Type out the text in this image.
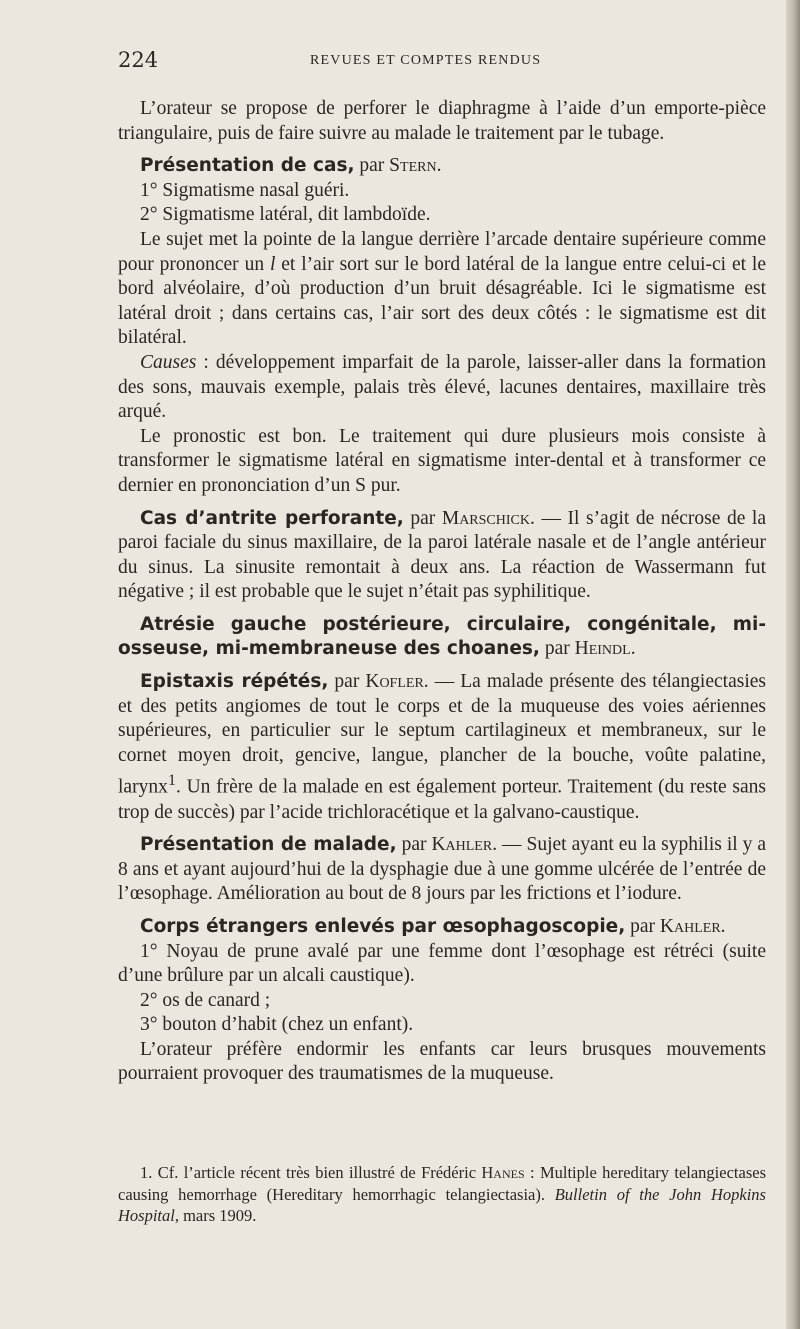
224	REVUES ET COMPTES RENDUS

L’orateur se propose de perforer le diaphragme à l’aide d’un emporte-pièce triangulaire, puis de faire suivre au malade le traitement par le tubage.

Présentation de cas, par Stern.

1° Sigmatisme nasal guéri.

2° Sigmatisme latéral, dit lambdoïde.

Le sujet met la pointe de la langue derrière l’arcade dentaire supérieure comme pour prononcer un l et l’air sort sur le bord latéral de la langue entre celui-ci et le bord alvéolaire, d’où production d’un bruit désagréable. Ici le sigmatisme est latéral droit ; dans certains cas, l’air sort des deux côtés : le sigmatisme est dit bilatéral.

Causes : développement imparfait de la parole, laisser-aller dans la formation des sons, mauvais exemple, palais très élevé, lacunes dentaires, maxillaire très arqué.

Le pronostic est bon. Le traitement qui dure plusieurs mois consiste à transformer le sigmatisme latéral en sigmatisme inter-dental et à transformer ce dernier en prononciation d’un S pur.

Cas d’antrite perforante, par Marschick. — Il s’agit de nécrose de la paroi faciale du sinus maxillaire, de la paroi latérale nasale et de l’angle antérieur du sinus. La sinusite remontait à deux ans. La réaction de Wassermann fut négative ; il est probable que le sujet n’était pas syphilitique.

Atrésie gauche postérieure, circulaire, congénitale, mi-osseuse, mi-membraneuse des choanes, par Heindl.

Epistaxis répétés, par Kofler. — La malade présente des télangiectasies et des petits angiomes de tout le corps et de la muqueuse des voies aériennes supérieures, en particulier sur le septum cartilagineux et membraneux, sur le cornet moyen droit, gencive, langue, plancher de la bouche, voûte palatine, larynx$^1$. Un frère de la malade en est également porteur. Traitement (du reste sans trop de succès) par l’acide trichloracétique et la galvano-caustique.

Présentation de malade, par Kahler. — Sujet ayant eu la syphilis il y a 8 ans et ayant aujourd’hui de la dysphagie due à une gomme ulcérée de l’entrée de l’œsophage. Amélioration au bout de 8 jours par les frictions et l’iodure.

Corps étrangers enlevés par œsophagoscopie, par Kahler.

1° Noyau de prune avalé par une femme dont l’œsophage est rétréci (suite d’une brûlure par un alcali caustique).

2° os de canard ;

3° bouton d’habit (chez un enfant).

L’orateur préfère endormir les enfants car leurs brusques mouvements pourraient provoquer des traumatismes de la muqueuse.

1. Cf. l’article récent très bien illustré de Frédéric Hanes : Multiple hereditary telangiectases causing hemorrhage (Hereditary hemorrhagic telangiectasia). Bulletin of the John Hopkins Hospital, mars 1909.
